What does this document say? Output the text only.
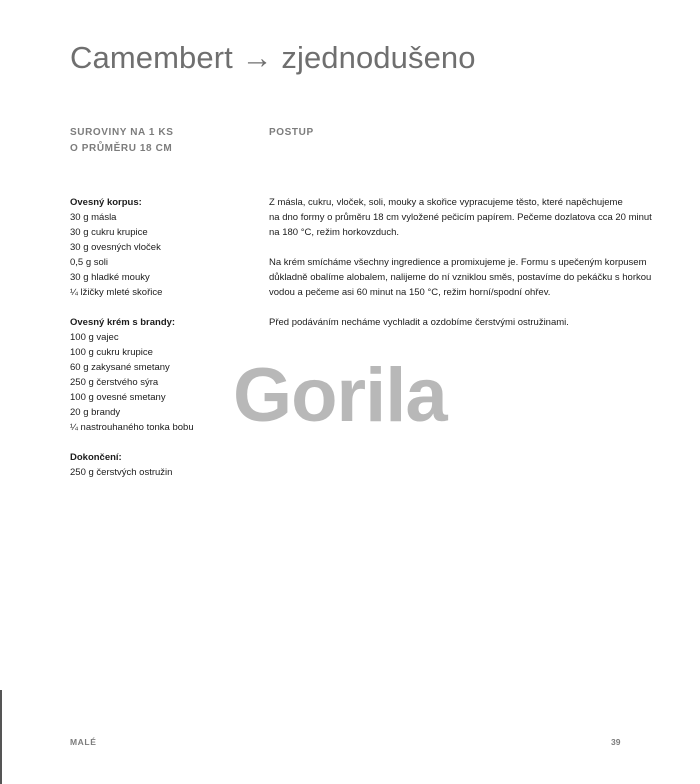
Camembert → zjednodušeno
SUROVINY NA 1 KS
O PRŮMĚRU 18 CM
POSTUP
Ovesný korpus:
30 g másla
30 g cukru krupice
30 g ovesných vloček
0,5 g soli
30 g hladké mouky
¼ lžičky mleté skořice
Ovesný krém s brandy:
100 g vajec
100 g cukru krupice
60 g zakysané smetany
250 g čerstvého sýra
100 g ovesné smetany
20 g brandy
¼ nastrouhaného tonka bobu
Dokončení:
250 g čerstvých ostružin

Z másla, cukru, vloček, soli, mouky a skořice vypracujeme těsto, které napěchujeme
na dno formy o průměru 18 cm vyložené pečicím papírem. Pečeme dozlatova cca 20 minut
na 180 °C, režim horkovzduch.

Na krém smícháme všechny ingredience a promixujeme je. Formu s upečeným korpusem
důkladně obalíme alobalem, nalijeme do ní vzniklou směs, postavíme do pekáčku s horkou
vodou a pečeme asi 60 minut na 150 °C, režim horní/spodní ohřev.

Před podáváním necháme vychladit a ozdobíme čerstvými ostružinami.

Gorila
MALÉ	39
